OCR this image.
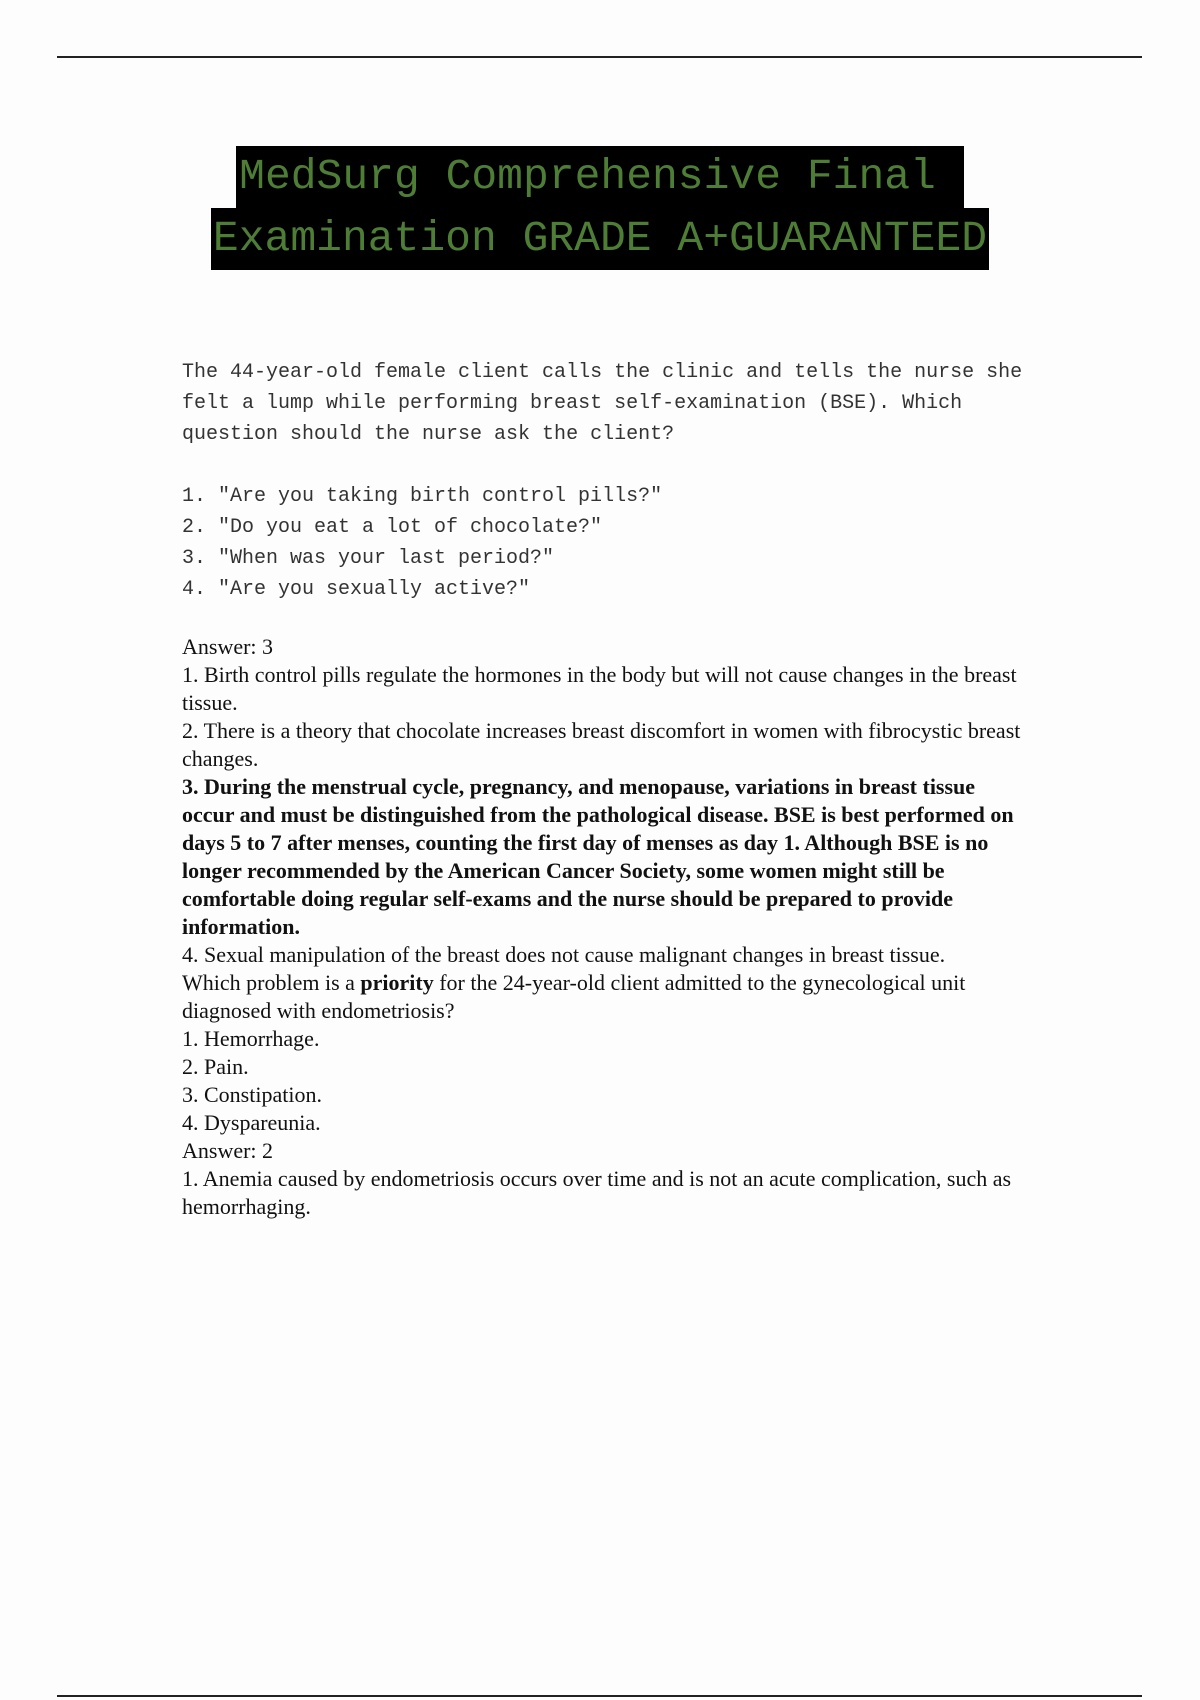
MedSurg Comprehensive Final
Examination GRADE A+GUARANTEED

The 44-year-old female client calls the clinic and tells the nurse she felt a lump while performing breast self-examination (BSE). Which question should the nurse ask the client?

1. "Are you taking birth control pills?"
2. "Do you eat a lot of chocolate?"
3. "When was your last period?"
4. "Are you sexually active?"

Answer: 3

1. Birth control pills regulate the hormones in the body but will not cause changes in the breast tissue.

2. There is a theory that chocolate increases breast discomfort in women with fibrocystic breast changes.

3. During the menstrual cycle, pregnancy, and menopause, variations in breast tissue occur and must be distinguished from the pathological disease. BSE is best performed on days 5 to 7 after menses, counting the first day of menses as day 1. Although BSE is no longer recommended by the American Cancer Society, some women might still be comfortable doing regular self-exams and the nurse should be prepared to provide information.

4. Sexual manipulation of the breast does not cause malignant changes in breast tissue.

Which problem is a priority for the 24-year-old client admitted to the gynecological unit diagnosed with endometriosis?

1. Hemorrhage.

2. Pain.

3. Constipation.

4. Dyspareunia.

Answer: 2

1. Anemia caused by endometriosis occurs over time and is not an acute complication, such as hemorrhaging.
